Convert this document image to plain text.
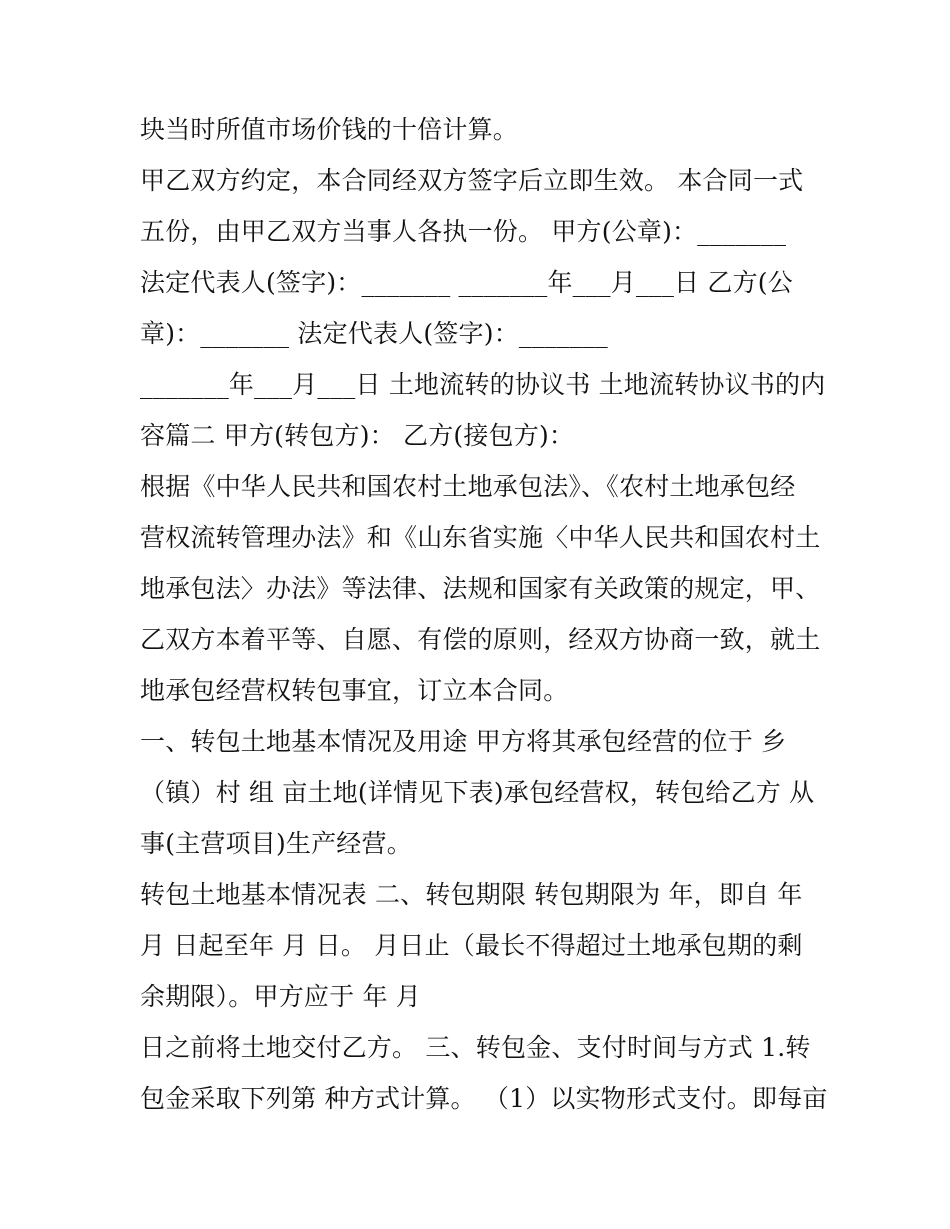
块当时所值市场价钱的十倍计算。
甲乙双方约定，本合同经双方签字后立即生效。 本合同一式
五份，由甲乙双方当事人各执一份。 甲方(公章)：_______
法定代表人(签字)：_______ _______年___月___日 乙方(公
章)：_______ 法定代表人(签字)：_______
_______年___月___日 土地流转的协议书 土地流转协议书的内
容篇二 甲方(转包方)： 乙方(接包方)：
根据《中华人民共和国农村土地承包法》、《农村土地承包经
营权流转管理办法》和《山东省实施〈中华人民共和国农村土
地承包法〉办法》等法律、法规和国家有关政策的规定，甲、
乙双方本着平等、自愿、有偿的原则，经双方协商一致，就土
地承包经营权转包事宜，订立本合同。
一、转包土地基本情况及用途 甲方将其承包经营的位于 乡
（镇）村 组 亩土地(详情见下表)承包经营权，转包给乙方 从
事(主营项目)生产经营。
转包土地基本情况表 二、转包期限 转包期限为 年，即自 年
月 日起至年 月 日。 月日止（最长不得超过土地承包期的剩
余期限）。甲方应于 年 月
日之前将土地交付乙方。 三、转包金、支付时间与方式 1.转
包金采取下列第 种方式计算。 （1）以实物形式支付。即每亩
